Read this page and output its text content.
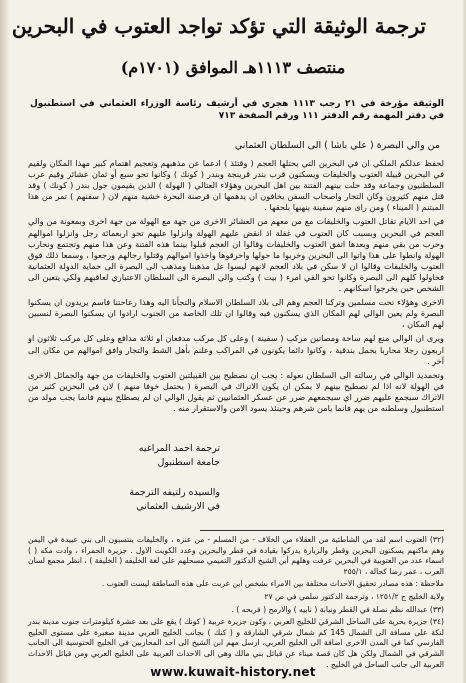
ترجمة الوثيقة التي تؤكد تواجد العتوب في البحرين
منتصف ١١١٣هـ الموافق (١٧٠١م)
الوثيقة مؤرخة في ٢١ رجب ١١١٣ هجري في أرشيف رئاسة الوزراء العثماني في استطنبول في دفتر المهمة رقم الدفتر ١١١ ورقم الصفحة ٧١٣
من والي البصرة ( علي باشا ) الى السلطان العثماني

لحفظ عدلكم الملكي ان في البحرين التي يحتلها العجم ( وقتئذ ) ادعما عن مذهبهم وتعجيم اهتمام كبير مهذا المكان ولقيم في البحرين قبيلة العتوب والخليفات ويسكنون قرب بندر قرينجة وبندر ( كونك ) وكانوا تحو سبع أو ثمان عشائر وقيم عرب السلطنيون وجماعة وقد حلت بينهم الفتنة بين اهل البحرين وهؤلاء العتالي ( الهولة ) الذين يقيمون حول بندر ( كونك ) وقد قتل منهم كثيرون وكان التجار واصحاب السفن يخافون ان يدهمها ان قرصنة البحرة خشية منهم لان ( سفنهم ) تمر من هذا المبتنم ( الميناء ) ومن راى منهم سفينة ينهبها بلحقها .

في احد الايام تقاتل العتوب والخليفات مع من معهم من العشائر الاخرى من جهة مع الهولة من جهة اخرى وبمعونة من والي العجم في البحرين وبسبب كان العتوب في غفلة اذ انقض عليهم الهولة وانزلوا عليهم تحو اربعمائة رجل وانزلوا اموالهم وحرب من بقي منهم وبعدها اتفق العتوب والخليفات وقالوا ان العجم قبلوا بينما هذه الفتنة وعن هذا منهم وتجتمع ونحارب الهولة وانطوا على هذا واتوا الى البحرين وخربوا ما حولها واحرقوها واخذوا اموالهم وقتلوا رجالهم ورجعوا ، وسمعا ذلك فوق العتوب والخليفات وقالوا ان لا سكن في بلاد العجم لانهم ليسوا عل مذهبنا ومذهب الى البصرة الى حماية الدولة العثمانية فحاولوا كلهم الى البصرة وكانوا تحو الفي امرء ( بيت ) وكتب والي البصرة الى السلطان الاعتباري لعاقبهم ولكي يتعين الى الشخص حين يخرجوا اسكانهم .

الاخرى وهؤلاء تحت مسلمين وتركنا العجم وهم الى بلاد السلطان الاسلام والتجأنا اليه وهذا رعاحتنا فاسم يريدون ان يسكنوا البصرة ولم يعين الوالي لهم المكان الذي يسكنون فيه وقالوا ان تلك الخاصة من الجنوب ارادوا ان يسكنوا البصرة لنسبين لهم المكان ،

ويرى ان الوالي منع لهم ساحة ومصاتين مركب ( سفينة ) وعلى كل مركب مدفعان او ثلاثة مدافع وعلى كل مركب ثلاثون او اربعون رجلا محاربا يحمل بندقية ، وكانوا دائما يكونون في المراكب وعلنم بأهل الشط والتجار وافق اموالهم من مكان الى آخر .

وتحمديد الوالي في رسالته الى السلطان نعوله : يجب ان نصطيح بين القبيلتين العتوب والخليفات من جهة والجمائل الاخرى في الهولة لانه اذا لم نصطيح بينهم لا يمكن ان يكون الاتراك في البصرة ( يحتمل خوفا منهم ) لان في البحرين كثير من الاتراك سيجمع عليهم ضرر اي سيجمعهم ضرر عن عسكر العثمانيين ثم يقول الوالي ان لم يصطلح بينهم فانما يجب مولد من استطنبول وسلطنه من يهم فانما يامن شرهم وحينئذ يسود الامن والاستقرار منه .

ترجمة احمد المراغيه
جامعة اسطنبول
والسيده رلتيفه الترجمة
في الارشيف العثماني

(٣٢) العتوب اسم لقد من الشاطئية من العقلاء من الخلاف - من المسلم - من عنزه ، والخليفات ينتسبون الى بني عبيدة في اليمن وهم ماكنهم يسكنون البحرين وقطر والزبارة يدركوا بقيادة في قطر والبحرين وعدد الكويت الاول . جزيرة الحمراء ، وادت مكه ( ) اسماء عدد من العتوبية في البحرين عرفت وهلهم أبن الشيخ الدكتور التميمي مسحلهم على لغة الخليفه ( الخليفة ) ، انظر مجمع لسان العرب ، عمر رضا كحالة ، ٢٥٥/١

ملاحظة : هذه مصادر تحقيق الاحداث مختلفة بين الامراء بشخص اين عربت على هذه الساطقة ليست العتوب .

ولاية الخليج ج ١٢٥١/٢ ، وترجمة الدكتور سلمي في ص ٢٧

(٣٣) عبدالله نظم نصلة في القطر ونيابة ( نابيه ) والارمح ( فريحه ) .

(٣٤) جزيرة بحرية على الساحل الشرقي للخليج العربي ، وكون جزيرة عربية ( كونك ) يقع على بعد عشرة كيلومترات جنوب مدينة بندر لنكة على مسافة الى الشمال 145 كم شمال شرقي الشارقة و ( كنك ) بجانب الخليج العربي مدينة صغيرة على مستوى الخليج الفارسي كما في المدن الاخرى اضافة الى الخليج العربي، ارسل مهم ابن الشيخ الى احد المحاربين في الخليج الحتوسية الى الجانب الشرقي في الشمال ولكن هل كان قصة ميناء عن قبائل بني مالك وهي الى الاحداث العربية على الخليج العربي ومن قبائل الاحداث العربية الى جانب الساحل في الخليج .

www.kuwait-history.net
